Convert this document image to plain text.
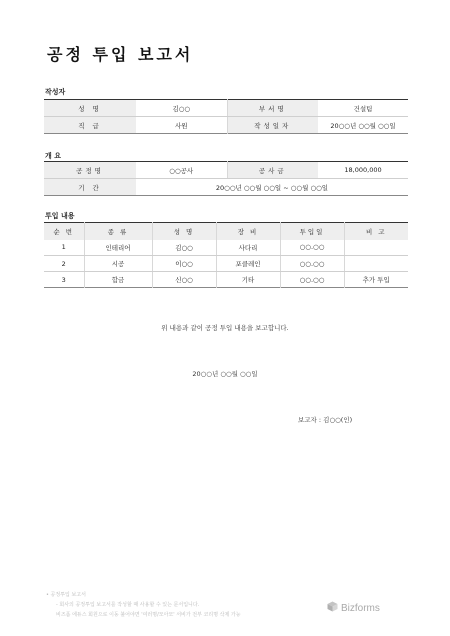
공정 투입 보고서
작성자
성 명	김○○	부서명	건설팀
직 급	사원	작성일자	20○○년 ○○월 ○○일
개 요
공정명	○○공사	공사금	18,000,000
기 간	20○○년 ○○월 ○○일 ~ ○○월 ○○일		
투입 내용
순 번	종 류	성 명	장 비	투입일	비 고
1	인테리어	김○○	사다리	○○.○○	
2	시공	이○○	포클레인	○○.○○	
3	합금	신○○	기타	○○.○○	추가 투입
위 내용과 같이 공정 투입 내용을 보고합니다.
20○○년 ○○월 ○○일
보고자 : 김○○(인)
• 공정투입 보고서
- 회사의 공정투입 보고서를 작성할 때 사용할 수 있는 문서입니다.
비즈폼 에듀스 회원으로 이동 불어야면 '여러명/모아모' 서비가 전부 코리명 삭제 가능
Bizforms
